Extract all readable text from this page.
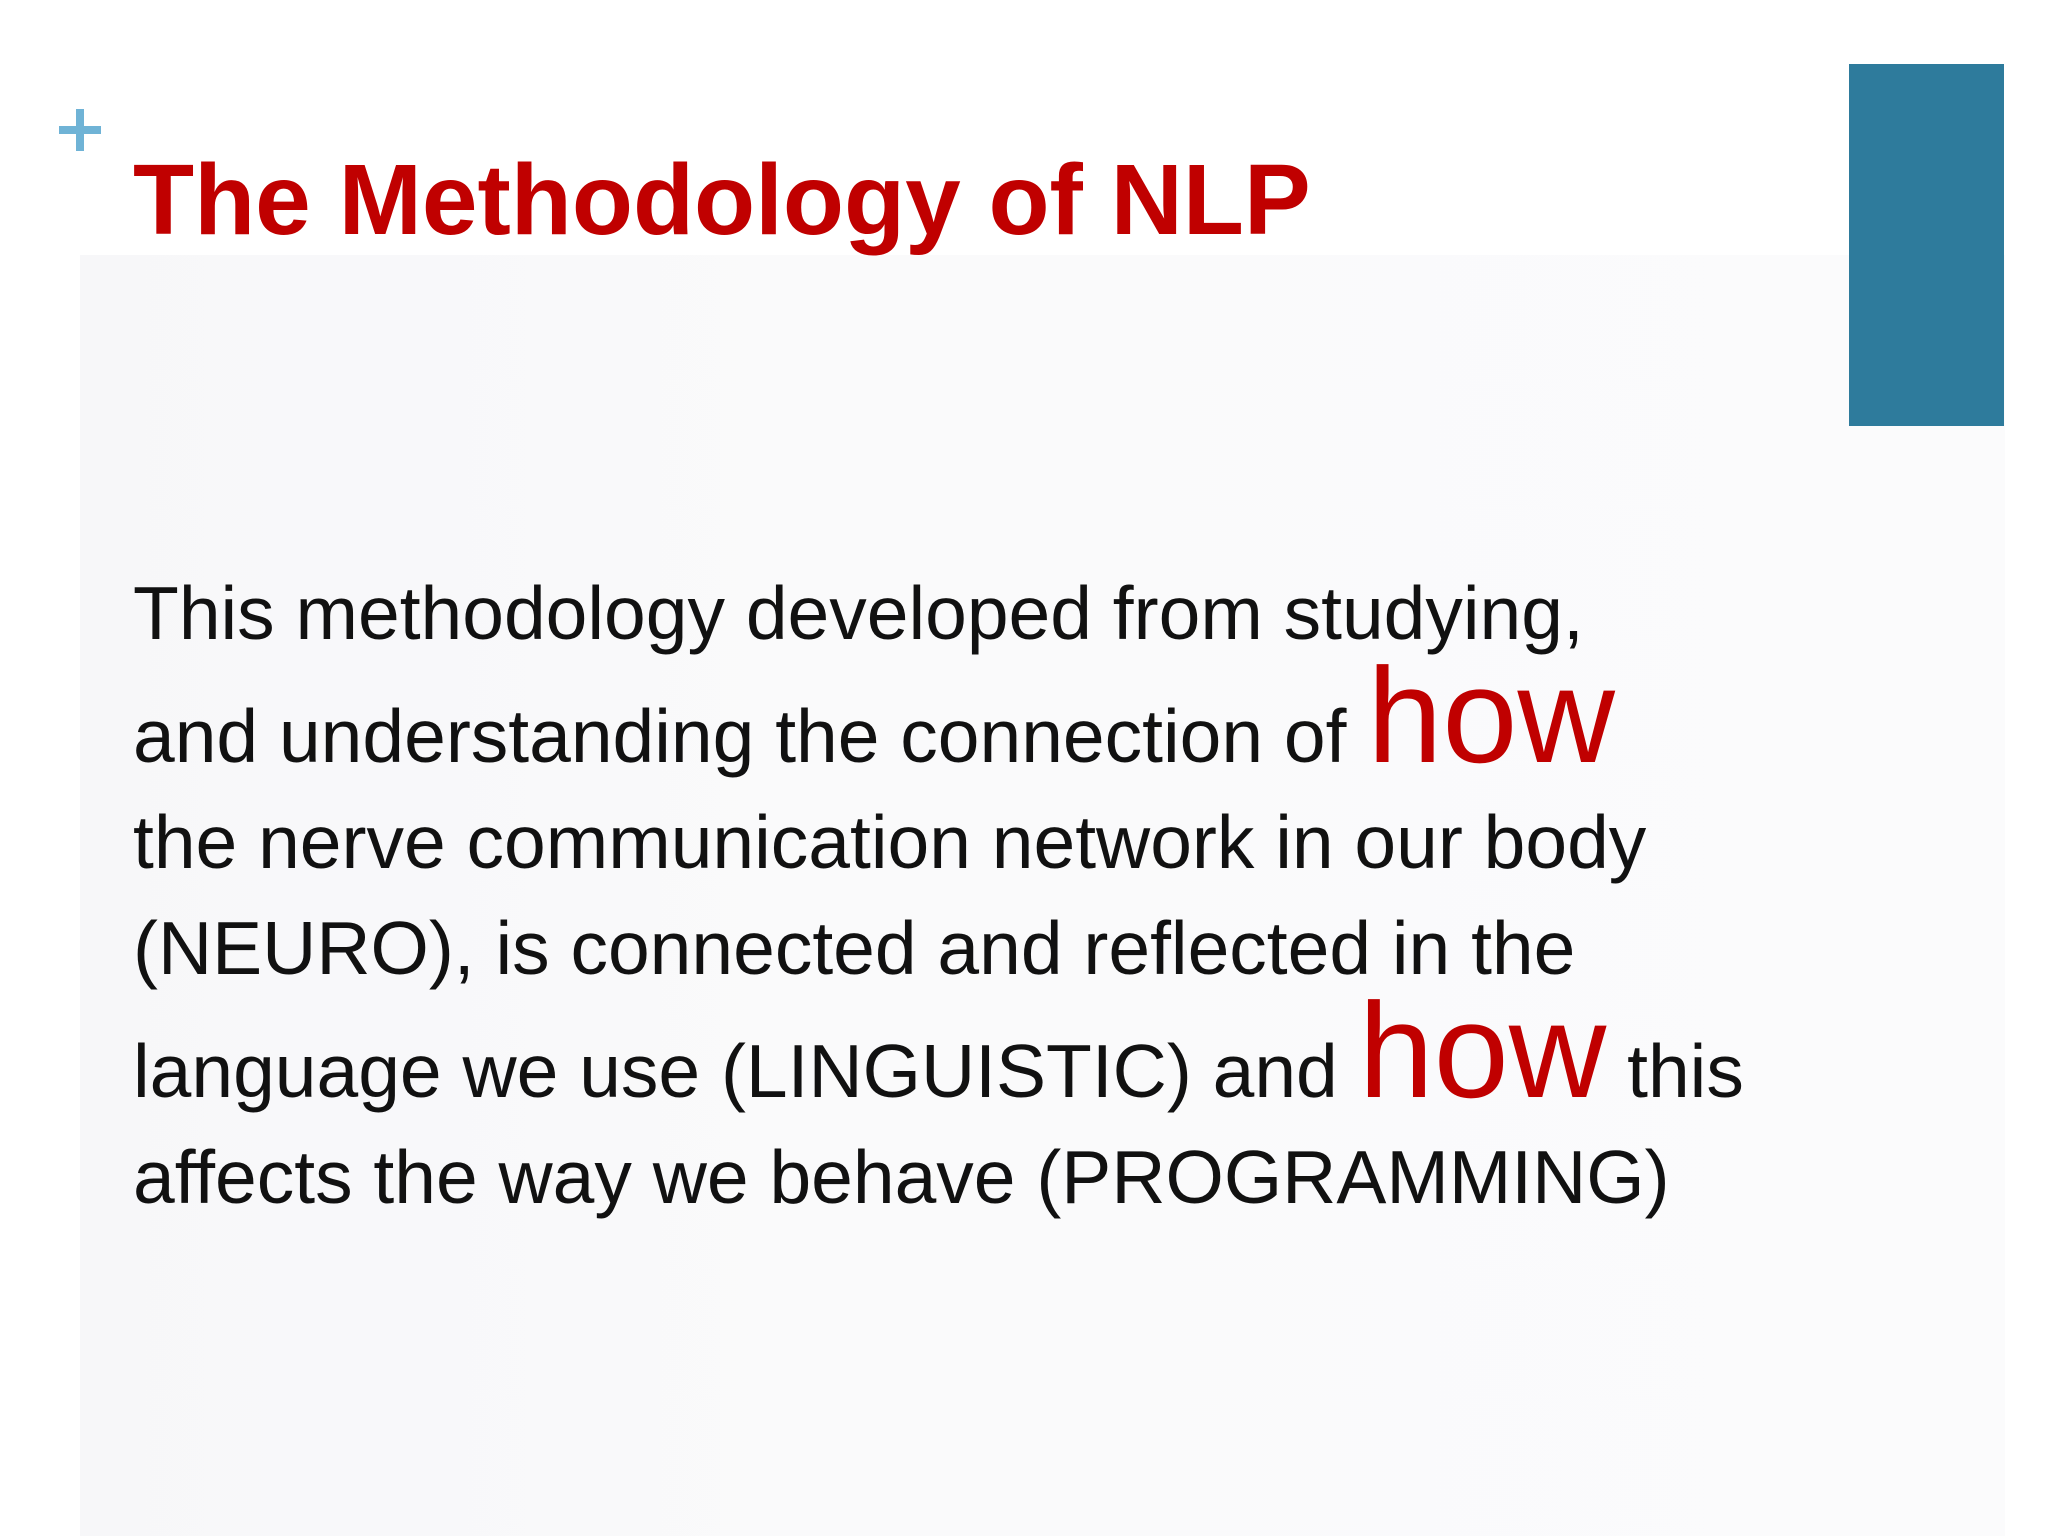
The Methodology of NLP

This methodology developed from studying,
and understanding the connection of how
the nerve communication network in our body
(NEURO), is connected and reflected in the
language we use (LINGUISTIC) and how this
affects the way we behave (PROGRAMMING)
